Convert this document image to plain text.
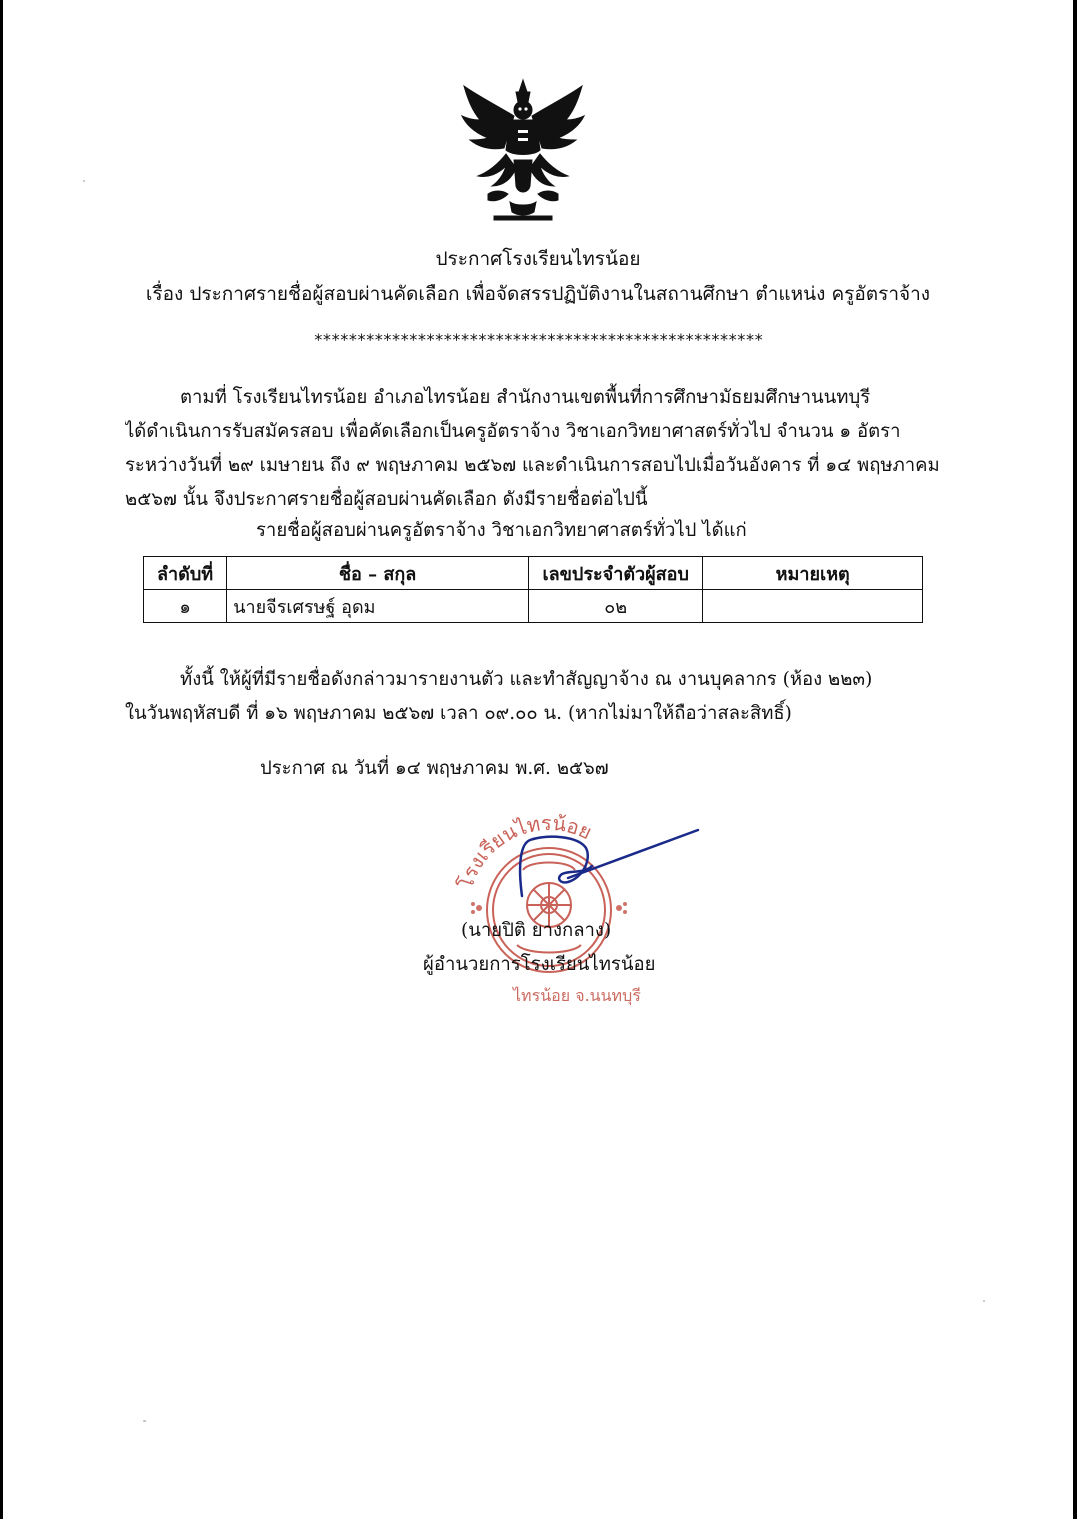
ประกาศโรงเรียนไทรน้อย
เรื่อง ประกาศรายชื่อผู้สอบผ่านคัดเลือก เพื่อจัดสรรปฏิบัติงานในสถานศึกษา ตำแหน่ง ครูอัตราจ้าง
****************************************************
ตามที่ โรงเรียนไทรน้อย อำเภอไทรน้อย สำนักงานเขตพื้นที่การศึกษามัธยมศึกษานนทบุรี
ได้ดำเนินการรับสมัครสอบ เพื่อคัดเลือกเป็นครูอัตราจ้าง วิชาเอกวิทยาศาสตร์ทั่วไป จำนวน ๑ อัตรา
ระหว่างวันที่ ๒๙ เมษายน ถึง ๙ พฤษภาคม ๒๕๖๗ และดำเนินการสอบไปเมื่อวันอังคาร ที่ ๑๔ พฤษภาคม
๒๕๖๗ นั้น จึงประกาศรายชื่อผู้สอบผ่านคัดเลือก ดังมีรายชื่อต่อไปนี้
รายชื่อผู้สอบผ่านครูอัตราจ้าง วิชาเอกวิทยาศาสตร์ทั่วไป ได้แก่
ลำดับที่	ชื่อ – สกุล	เลขประจำตัวผู้สอบ	หมายเหตุ
๑	นายจีรเศรษฐ์ อุดม	๐๒	
ทั้งนี้ ให้ผู้ที่มีรายชื่อดังกล่าวมารายงานตัว และทำสัญญาจ้าง ณ งานบุคลากร (ห้อง ๒๒๓)
ในวันพฤหัสบดี ที่ ๑๖ พฤษภาคม ๒๕๖๗ เวลา ๐๙.๐๐ น. (หากไม่มาให้ถือว่าสละสิทธิ์)
ประกาศ ณ วันที่ ๑๔ พฤษภาคม พ.ศ. ๒๕๖๗
โรงเรียนไทรน้อย
ไทรน้อย จ.นนทบุรี
(นายปิติ ยางกลาง)
ผู้อำนวยการโรงเรียนไทรน้อย
